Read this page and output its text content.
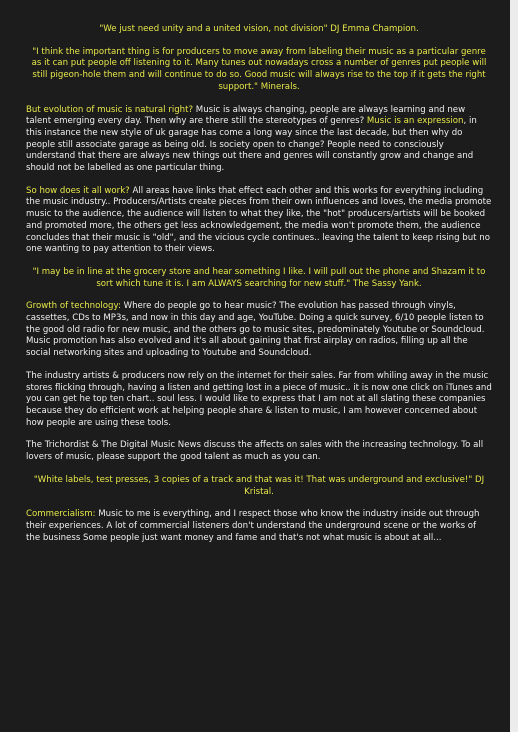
"We just need unity and a united vision, not division" DJ Emma Champion.

"I think the important thing is for producers to move away from labeling their music as a particular genre as it can put people off listening to it. Many tunes out nowadays cross a number of genres put people will still pigeon-hole them and will continue to do so. Good music will always rise to the top if it gets the right support." Minerals.

But evolution of music is natural right? Music is always changing, people are always learning and new talent emerging every day. Then why are there still the stereotypes of genres? Music is an expression, in this instance the new style of uk garage has come a long way since the last decade, but then why do people still associate garage as being old. Is society open to change? People need to consciously understand that there are always new things out there and genres will constantly grow and change and should not be labelled as one particular thing.

So how does it all work? All areas have links that effect each other and this works for everything including the music industry.. Producers/Artists create pieces from their own influences and loves, the media promote music to the audience, the audience will listen to what they like, the "hot" producers/artists will be booked and promoted more, the others get less acknowledgement, the media won't promote them, the audience concludes that their music is "old", and the vicious cycle continues.. leaving the talent to keep rising but no one wanting to pay attention to their views.

"I may be in line at the grocery store and hear something I like. I will pull out the phone and Shazam it to sort which tune it is. I am ALWAYS searching for new stuff." The Sassy Yank.

Growth of technology: Where do people go to hear music? The evolution has passed through vinyls, cassettes, CDs to MP3s, and now in this day and age, YouTube. Doing a quick survey, 6/10 people listen to the good old radio for new music, and the others go to music sites, predominately Youtube or Soundcloud. Music promotion has also evolved and it's all about gaining that first airplay on radios, filling up all the social networking sites and uploading to Youtube and Soundcloud.

The industry artists & producers now rely on the internet for their sales. Far from whiling away in the music stores flicking through, having a listen and getting lost in a piece of music.. it is now one click on iTunes and you can get he top ten chart.. soul less. I would like to express that I am not at all slating these companies because they do efficient work at helping people share & listen to music, I am however concerned about how people are using these tools.

The Trichordist & The Digital Music News discuss the affects on sales with the increasing technology. To all lovers of music, please support the good talent as much as you can.

"White labels, test presses, 3 copies of a track and that was it! That was underground and exclusive!" DJ Kristal.

Commercialism: Music to me is everything, and I respect those who know the industry inside out through their experiences. A lot of commercial listeners don't understand the underground scene or the works of the business Some people just want money and fame and that's not what music is about at all...
